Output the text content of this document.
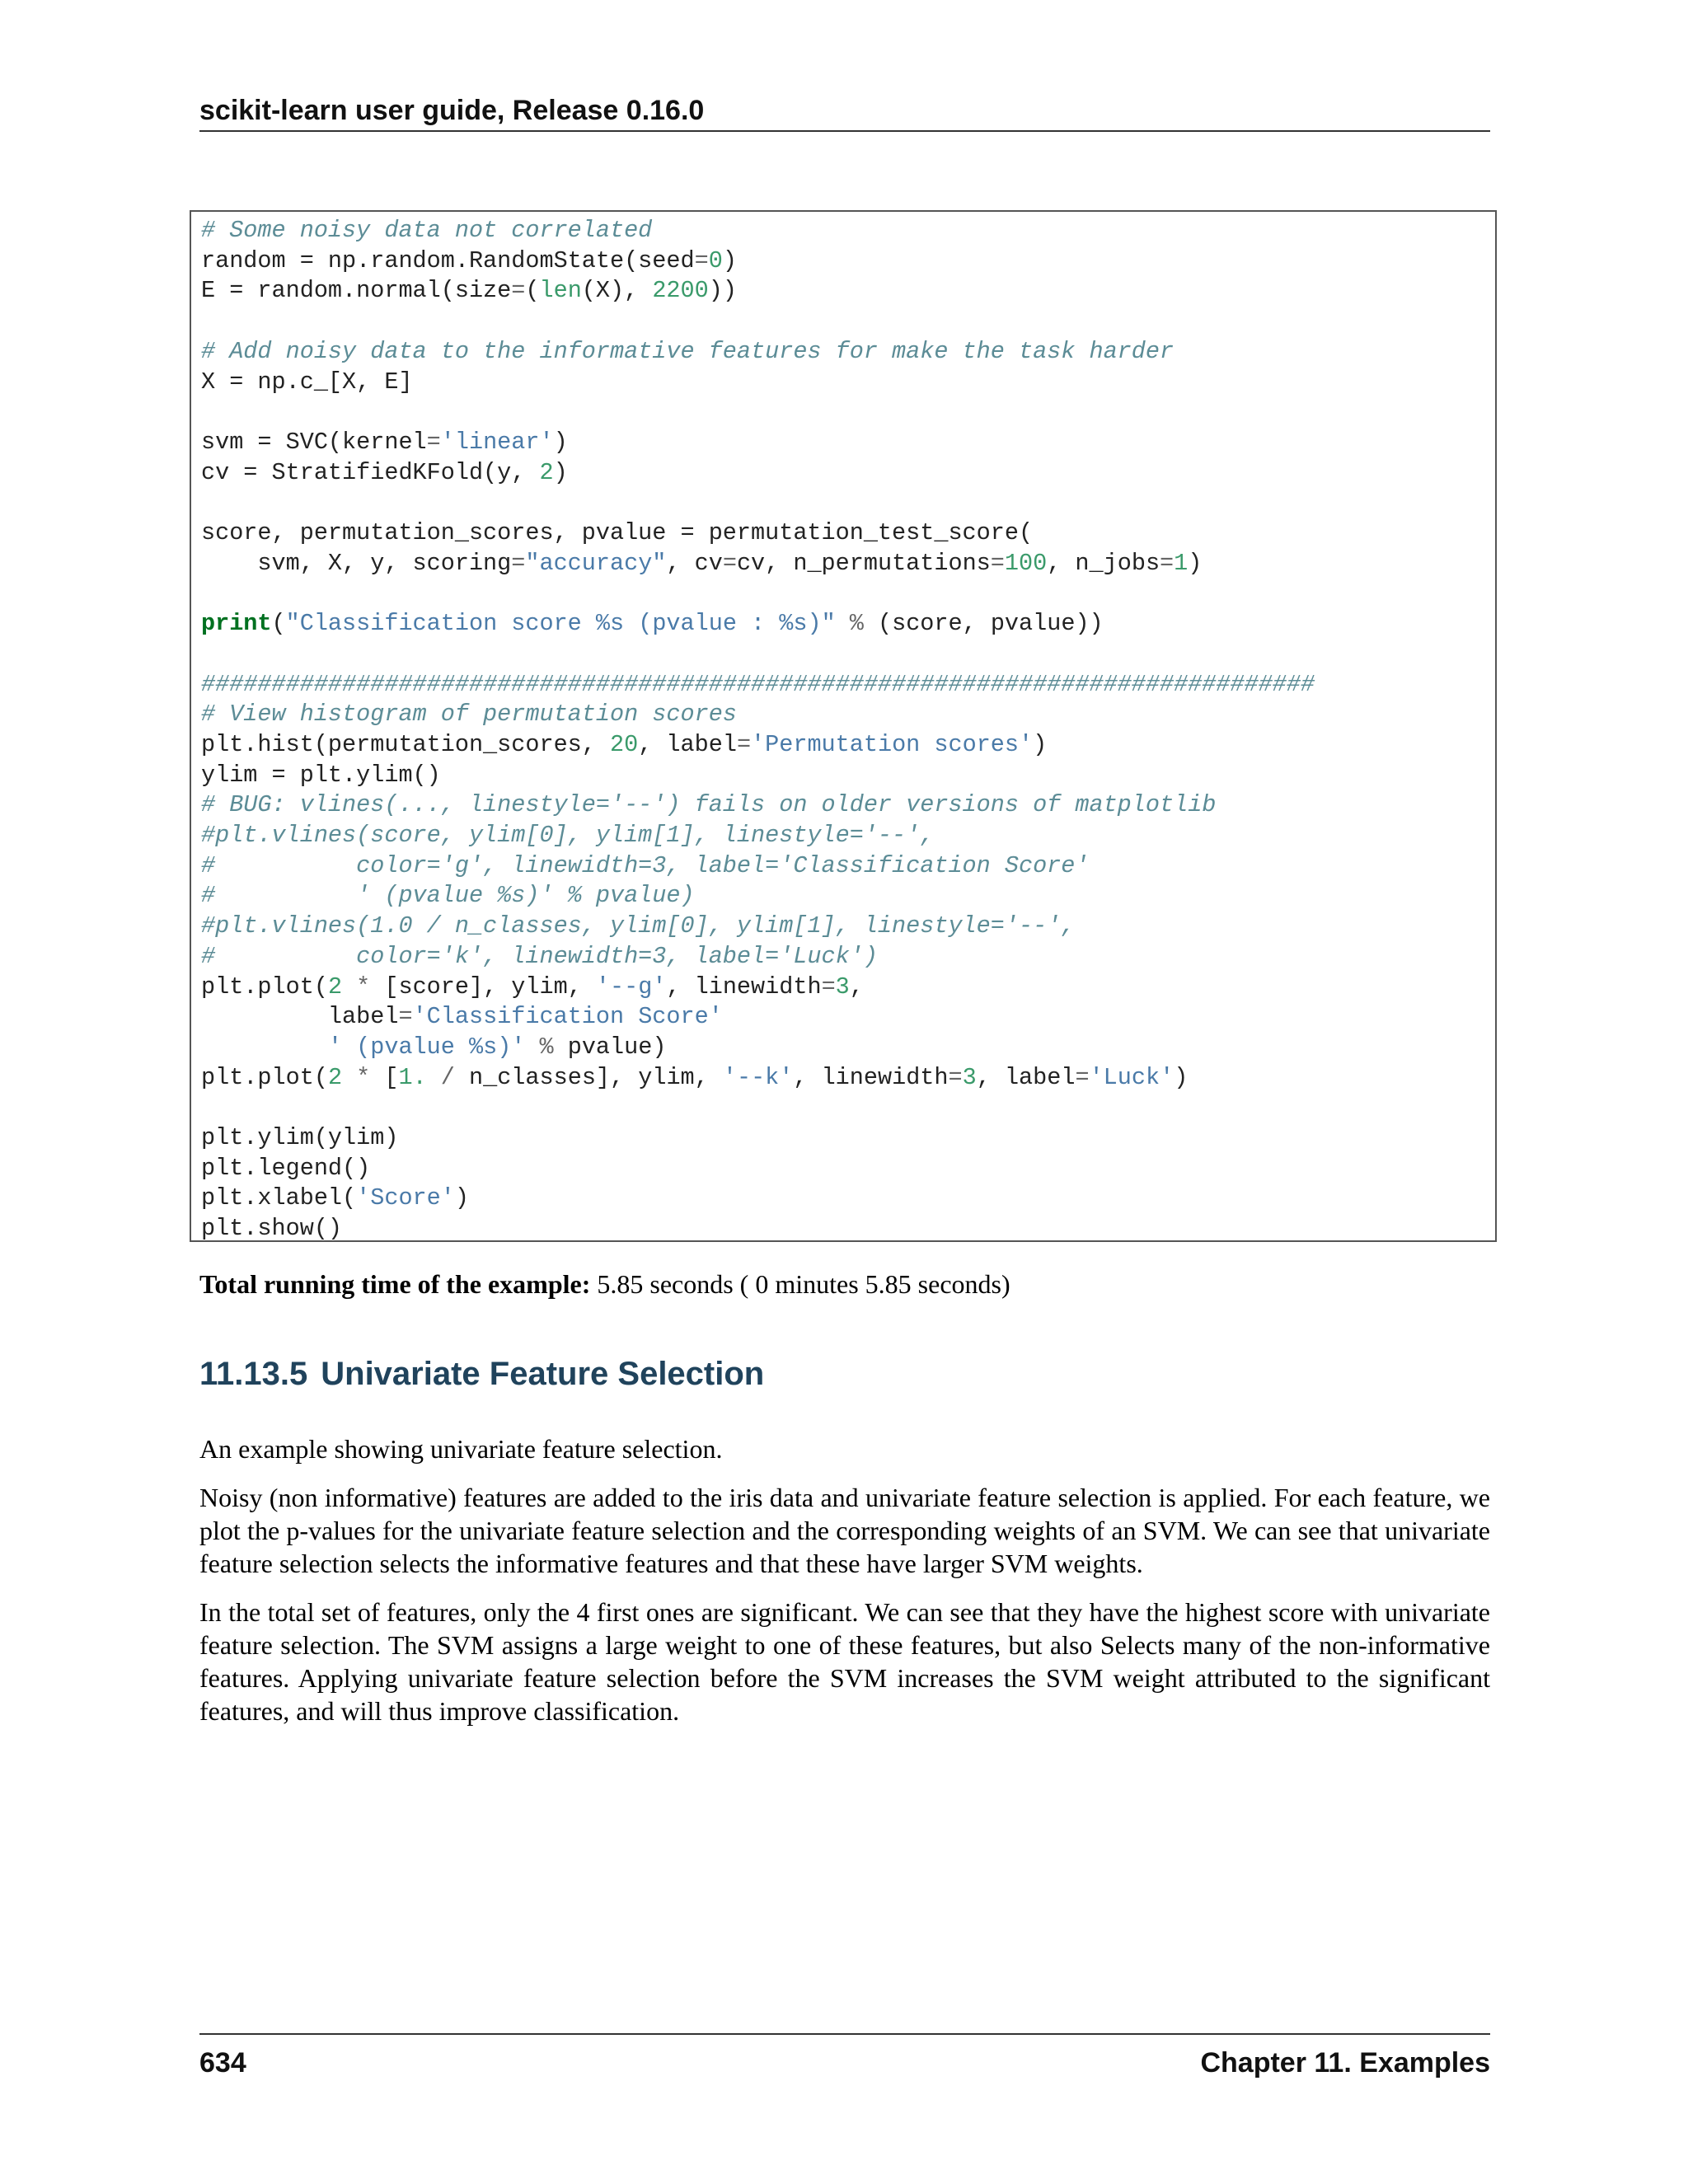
scikit-learn user guide, Release 0.16.0
# Some noisy data not correlated
random = np.random.RandomState(seed=0)
E = random.normal(size=(len(X), 2200))
# Add noisy data to the informative features for make the task harder
X = np.c_[X, E]
svm = SVC(kernel='linear')
cv = StratifiedKFold(y, 2)
score, permutation_scores, pvalue = permutation_test_score(
svm, X, y, scoring="accuracy", cv=cv, n_permutations=100, n_jobs=1)
print("Classification score %s (pvalue : %s)" % (score, pvalue))
###############################################################################
# View histogram of permutation scores
plt.hist(permutation_scores, 20, label='Permutation scores')
ylim = plt.ylim()
# BUG: vlines(..., linestyle='--') fails on older versions of matplotlib
#plt.vlines(score, ylim[0], ylim[1], linestyle='--',
#          color='g', linewidth=3, label='Classification Score'
#          ' (pvalue %s)' % pvalue)
#plt.vlines(1.0 / n_classes, ylim[0], ylim[1], linestyle='--',
#          color='k', linewidth=3, label='Luck')
plt.plot(2 * [score], ylim, '--g', linewidth=3,
label='Classification Score'
' (pvalue %s)' % pvalue)
plt.plot(2 * [1. / n_classes], ylim, '--k', linewidth=3, label='Luck')
plt.ylim(ylim)
plt.legend()
plt.xlabel('Score')
plt.show()
Total running time of the example: 5.85 seconds ( 0 minutes 5.85 seconds)
11.13.5 Univariate Feature Selection

An example showing univariate feature selection.

Noisy (non informative) features are added to the iris data and univariate feature selection is applied. For each feature, we plot the p-values for the univariate feature selection and the corresponding weights of an SVM. We can see that univariate feature selection selects the informative features and that these have larger SVM weights.

In the total set of features, only the 4 first ones are significant. We can see that they have the highest score with univariate feature selection. The SVM assigns a large weight to one of these features, but also Selects many of the non-informative features. Applying univariate feature selection before the SVM increases the SVM weight attributed to the significant features, and will thus improve classification.

634	Chapter 11. Examples
